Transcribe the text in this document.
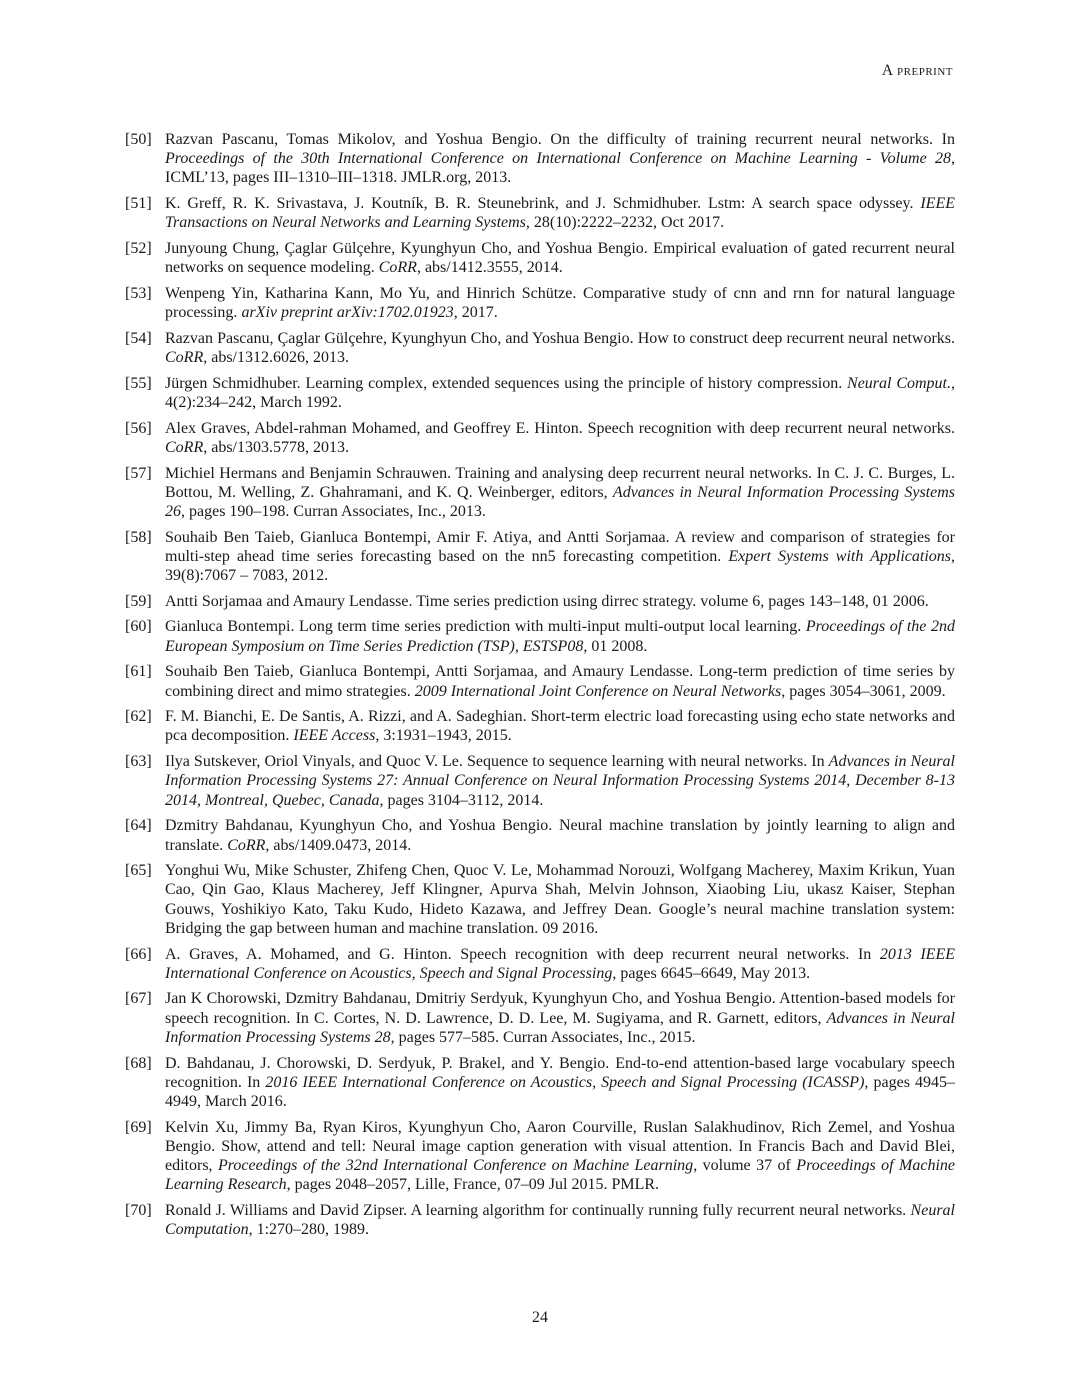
A preprint
[50] Razvan Pascanu, Tomas Mikolov, and Yoshua Bengio. On the difficulty of training recurrent neural networks. In Proceedings of the 30th International Conference on International Conference on Machine Learning - Volume 28, ICML’13, pages III–1310–III–1318. JMLR.org, 2013.
[51] K. Greff, R. K. Srivastava, J. Koutník, B. R. Steunebrink, and J. Schmidhuber. Lstm: A search space odyssey. IEEE Transactions on Neural Networks and Learning Systems, 28(10):2222–2232, Oct 2017.
[52] Junyoung Chung, Çaglar Gülçehre, Kyunghyun Cho, and Yoshua Bengio. Empirical evaluation of gated recurrent neural networks on sequence modeling. CoRR, abs/1412.3555, 2014.
[53] Wenpeng Yin, Katharina Kann, Mo Yu, and Hinrich Schütze. Comparative study of cnn and rnn for natural language processing. arXiv preprint arXiv:1702.01923, 2017.
[54] Razvan Pascanu, Çaglar Gülçehre, Kyunghyun Cho, and Yoshua Bengio. How to construct deep recurrent neural networks. CoRR, abs/1312.6026, 2013.
[55] Jürgen Schmidhuber. Learning complex, extended sequences using the principle of history compression. Neural Comput., 4(2):234–242, March 1992.
[56] Alex Graves, Abdel-rahman Mohamed, and Geoffrey E. Hinton. Speech recognition with deep recurrent neural networks. CoRR, abs/1303.5778, 2013.
[57] Michiel Hermans and Benjamin Schrauwen. Training and analysing deep recurrent neural networks. In C. J. C. Burges, L. Bottou, M. Welling, Z. Ghahramani, and K. Q. Weinberger, editors, Advances in Neural Information Processing Systems 26, pages 190–198. Curran Associates, Inc., 2013.
[58] Souhaib Ben Taieb, Gianluca Bontempi, Amir F. Atiya, and Antti Sorjamaa. A review and comparison of strategies for multi-step ahead time series forecasting based on the nn5 forecasting competition. Expert Systems with Applications, 39(8):7067 – 7083, 2012.
[59] Antti Sorjamaa and Amaury Lendasse. Time series prediction using dirrec strategy. volume 6, pages 143–148, 01 2006.
[60] Gianluca Bontempi. Long term time series prediction with multi-input multi-output local learning. Proceedings of the 2nd European Symposium on Time Series Prediction (TSP), ESTSP08, 01 2008.
[61] Souhaib Ben Taieb, Gianluca Bontempi, Antti Sorjamaa, and Amaury Lendasse. Long-term prediction of time series by combining direct and mimo strategies. 2009 International Joint Conference on Neural Networks, pages 3054–3061, 2009.
[62] F. M. Bianchi, E. De Santis, A. Rizzi, and A. Sadeghian. Short-term electric load forecasting using echo state networks and pca decomposition. IEEE Access, 3:1931–1943, 2015.
[63] Ilya Sutskever, Oriol Vinyals, and Quoc V. Le. Sequence to sequence learning with neural networks. In Advances in Neural Information Processing Systems 27: Annual Conference on Neural Information Processing Systems 2014, December 8-13 2014, Montreal, Quebec, Canada, pages 3104–3112, 2014.
[64] Dzmitry Bahdanau, Kyunghyun Cho, and Yoshua Bengio. Neural machine translation by jointly learning to align and translate. CoRR, abs/1409.0473, 2014.
[65] Yonghui Wu, Mike Schuster, Zhifeng Chen, Quoc V. Le, Mohammad Norouzi, Wolfgang Macherey, Maxim Krikun, Yuan Cao, Qin Gao, Klaus Macherey, Jeff Klingner, Apurva Shah, Melvin Johnson, Xiaobing Liu, ukasz Kaiser, Stephan Gouws, Yoshikiyo Kato, Taku Kudo, Hideto Kazawa, and Jeffrey Dean. Google’s neural machine translation system: Bridging the gap between human and machine translation. 09 2016.
[66] A. Graves, A. Mohamed, and G. Hinton. Speech recognition with deep recurrent neural networks. In 2013 IEEE International Conference on Acoustics, Speech and Signal Processing, pages 6645–6649, May 2013.
[67] Jan K Chorowski, Dzmitry Bahdanau, Dmitriy Serdyuk, Kyunghyun Cho, and Yoshua Bengio. Attention-based models for speech recognition. In C. Cortes, N. D. Lawrence, D. D. Lee, M. Sugiyama, and R. Garnett, editors, Advances in Neural Information Processing Systems 28, pages 577–585. Curran Associates, Inc., 2015.
[68] D. Bahdanau, J. Chorowski, D. Serdyuk, P. Brakel, and Y. Bengio. End-to-end attention-based large vocabulary speech recognition. In 2016 IEEE International Conference on Acoustics, Speech and Signal Processing (ICASSP), pages 4945–4949, March 2016.
[69] Kelvin Xu, Jimmy Ba, Ryan Kiros, Kyunghyun Cho, Aaron Courville, Ruslan Salakhudinov, Rich Zemel, and Yoshua Bengio. Show, attend and tell: Neural image caption generation with visual attention. In Francis Bach and David Blei, editors, Proceedings of the 32nd International Conference on Machine Learning, volume 37 of Proceedings of Machine Learning Research, pages 2048–2057, Lille, France, 07–09 Jul 2015. PMLR.
[70] Ronald J. Williams and David Zipser. A learning algorithm for continually running fully recurrent neural networks. Neural Computation, 1:270–280, 1989.
24
